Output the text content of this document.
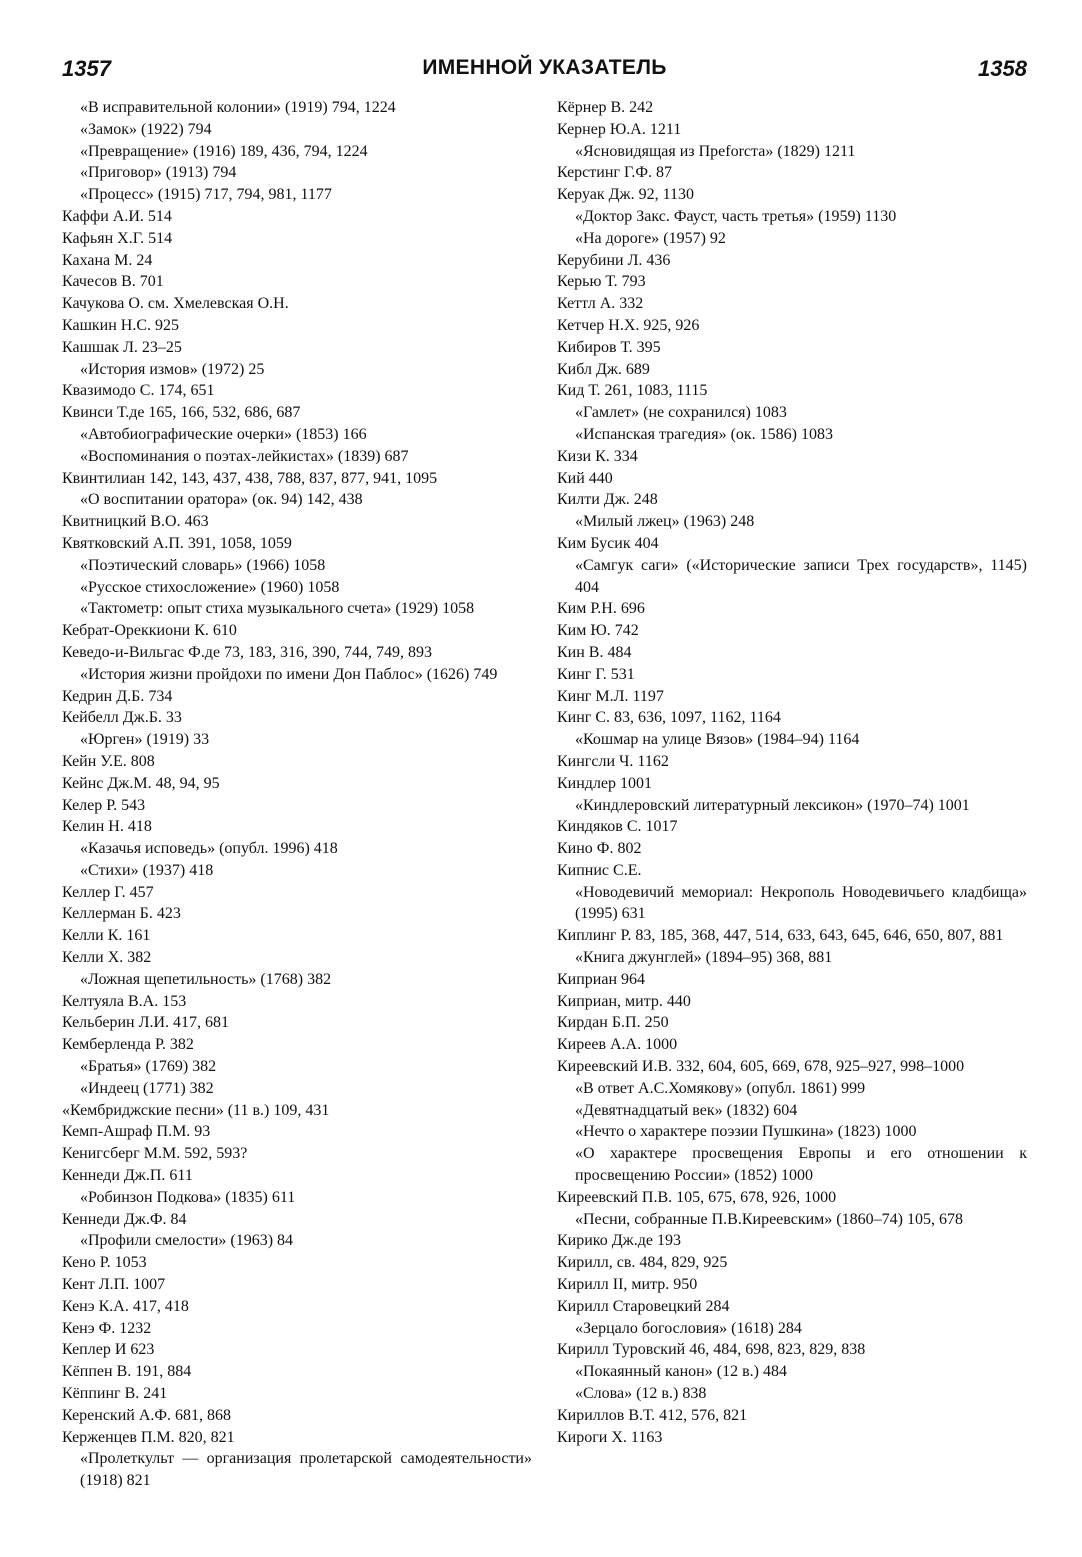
1357	ИМЕННОЙ УКАЗАТЕЛЬ	1358
«В исправительной колонии» (1919) 794, 1224
«Замок» (1922) 794
«Превращение» (1916) 189, 436, 794, 1224
«Приговор» (1913) 794
«Процесс» (1915) 717, 794, 981, 1177
Каффи А.И. 514
Кафьян Х.Г. 514
Кахана М. 24
Качесов В. 701
Качукова О. см. Хмелевская О.Н.
Кашкин Н.С. 925
Кашшак Л. 23–25
«История измов» (1972) 25
Квазимодо С. 174, 651
Квинси Т.де 165, 166, 532, 686, 687
«Автобиографические очерки» (1853) 166
«Воспоминания о поэтах-лейкистах» (1839) 687
Квинтилиан 142, 143, 437, 438, 788, 837, 877, 941, 1095
«О воспитании оратора» (ок. 94) 142, 438
Квитницкий В.О. 463
Квятковский А.П. 391, 1058, 1059
«Поэтический словарь» (1966) 1058
«Русское стихосложение» (1960) 1058
«Тактометр: опыт стиха музыкального счета» (1929) 1058
Кебрат-Ореккиони К. 610
Кеведо-и-Вильгас Ф.де 73, 183, 316, 390, 744, 749, 893
«История жизни пройдохи по имени Дон Паблос» (1626) 749
Кедрин Д.Б. 734
Кейбелл Дж.Б. 33
«Юрген» (1919) 33
Кейн У.Е. 808
Кейнс Дж.М. 48, 94, 95
Келер Р. 543
Келин Н. 418
«Казачья исповедь» (опубл. 1996) 418
«Стихи» (1937) 418
Келлер Г. 457
Келлерман Б. 423
Келли К. 161
Келли Х. 382
«Ложная щепетильность» (1768) 382
Келтуяла В.А. 153
Кельберин Л.И. 417, 681
Кемберленда Р. 382
«Братья» (1769) 382
«Индеец (1771) 382
«Кембриджские песни» (11 в.) 109, 431
Кемп-Ашраф П.М. 93
Кенигсберг М.М. 592, 593?
Кеннеди Дж.П. 611
«Робинзон Подкова» (1835) 611
Кеннеди Дж.Ф. 84
«Профили смелости» (1963) 84
Кено Р. 1053
Кент Л.П. 1007
Кенэ К.А. 417, 418
Кенэ Ф. 1232
Кеплер И 623
Кёппен В. 191, 884
Кёппинг В. 241
Керенский А.Ф. 681, 868
Керженцев П.М. 820, 821
«Пролеткульт — организация пролетарской самодеятельности» (1918) 821
Кёрнер В. 242
Кернер Ю.А. 1211
«Ясновидящая из Преforста» (1829) 1211
Керстинг Г.Ф. 87
Керуак Дж. 92, 1130
«Доктор Закс. Фауст, часть третья» (1959) 1130
«На дороге» (1957) 92
Керубини Л. 436
Керью Т. 793
Кеттл А. 332
Кетчер Н.Х. 925, 926
Кибиров Т. 395
Кибл Дж. 689
Кид Т. 261, 1083, 1115
«Гамлет» (не сохранился) 1083
«Испанская трагедия» (ок. 1586) 1083
Кизи К. 334
Кий 440
Килти Дж. 248
«Милый лжец» (1963) 248
Ким Бусик 404
«Самгук саги» («Исторические записи Трех государств», 1145) 404
Ким Р.Н. 696
Ким Ю. 742
Кин В. 484
Кинг Г. 531
Кинг М.Л. 1197
Кинг С. 83, 636, 1097, 1162, 1164
«Кошмар на улице Вязов» (1984–94) 1164
Кингсли Ч. 1162
Киндлер 1001
«Киндлеровский литературный лексикон» (1970–74) 1001
Киндяков С. 1017
Кино Ф. 802
Кипнис С.Е.
«Новодевичий мемориал: Некрополь Новодевичьего кладбища» (1995) 631
Киплинг Р. 83, 185, 368, 447, 514, 633, 643, 645, 646, 650, 807, 881
«Книга джунглей» (1894–95) 368, 881
Киприан 964
Киприан, митр. 440
Кирдан Б.П. 250
Киреев А.А. 1000
Киреевский И.В. 332, 604, 605, 669, 678, 925–927, 998–1000
«В ответ А.С.Хомякову» (опубл. 1861) 999
«Девятнадцатый век» (1832) 604
«Нечто о характере поэзии Пушкина» (1823) 1000
«О характере просвещения Европы и его отношении к просвещению России» (1852) 1000
Киреевский П.В. 105, 675, 678, 926, 1000
«Песни, собранные П.В.Киреевским» (1860–74) 105, 678
Кирико Дж.де 193
Кирилл, св. 484, 829, 925
Кирилл II, митр. 950
Кирилл Старовецкий 284
«Зерцало богословия» (1618) 284
Кирилл Туровский 46, 484, 698, 823, 829, 838
«Покаянный канон» (12 в.) 484
«Слова» (12 в.) 838
Кириллов В.Т. 412, 576, 821
Кироги Х. 1163
